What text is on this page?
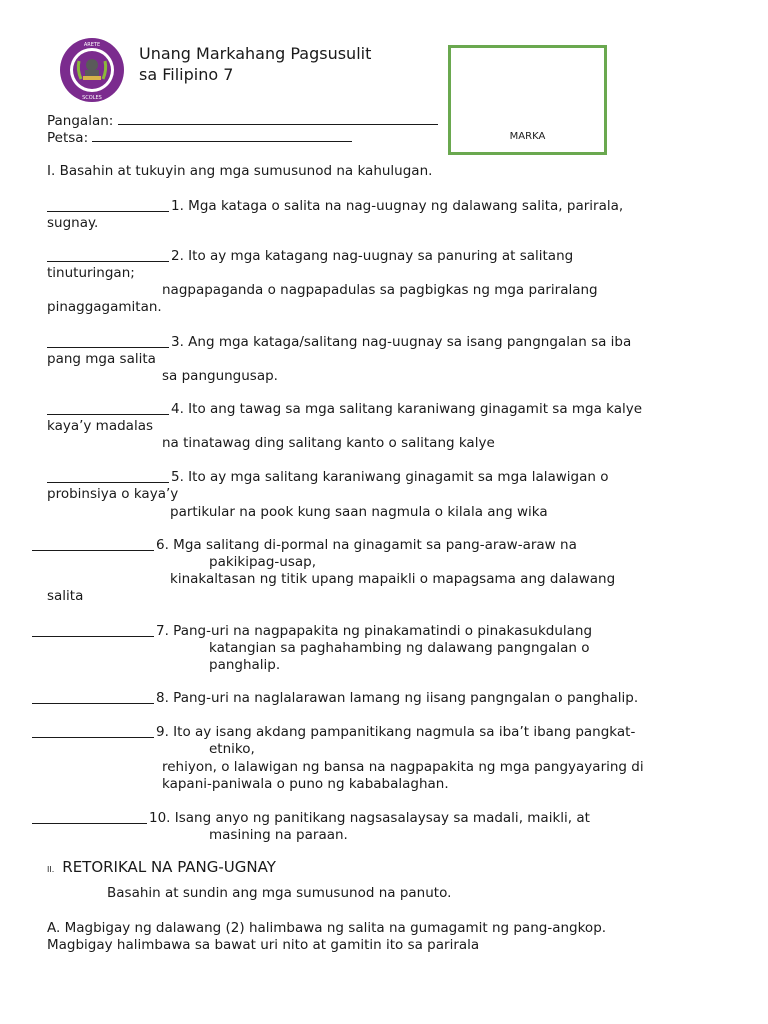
ARETE
SCOLES
Unang Markahang Pagsusulit
sa Filipino 7
MARKA
Pangalan:
Petsa:
I. Basahin at tukuyin ang mga sumusunod na kahulugan.
1. Mga kataga o salita na nag-uugnay ng dalawang salita, parirala,
sugnay.
2. Ito ay mga katagang nag-uugnay sa panuring at salitang
tinuturingan;
nagpapaganda o nagpapadulas sa pagbigkas ng mga pariralang
pinaggagamitan.
3. Ang mga kataga/salitang nag-uugnay sa isang pangngalan sa iba
pang mga salita
sa pangungusap.
4. Ito ang tawag sa mga salitang karaniwang ginagamit sa mga kalye
kaya’y madalas
na tinatawag ding salitang kanto o salitang kalye
5. Ito ay mga salitang karaniwang ginagamit sa mga lalawigan o
probinsiya o kaya’y
partikular na pook kung saan nagmula o kilala ang wika
6. Mga salitang di-pormal na ginagamit sa pang-araw-araw na
pakikipag-usap,
kinakaltasan ng titik upang mapaikli o mapagsama ang dalawang
salita
7. Pang-uri na nagpapakita ng pinakamatindi o pinakasukdulang
katangian sa paghahambing ng dalawang pangngalan o
panghalip.
8. Pang-uri na naglalarawan lamang ng iisang pangngalan o panghalip.
9. Ito ay isang akdang pampanitikang nagmula sa iba’t ibang pangkat-
etniko,
rehiyon, o lalawigan ng bansa na nagpapakita ng mga pangyayaring di
kapani-paniwala o puno ng kababalaghan.
10. Isang anyo ng panitikang nagsasalaysay sa madali, maikli, at
masining na paraan.
II. RETORIKAL NA PANG-UGNAY
Basahin at sundin ang mga sumusunod na panuto.
A. Magbigay ng dalawang (2) halimbawa ng salita na gumagamit ng pang-angkop.
Magbigay halimbawa sa bawat uri nito at gamitin ito sa parirala
